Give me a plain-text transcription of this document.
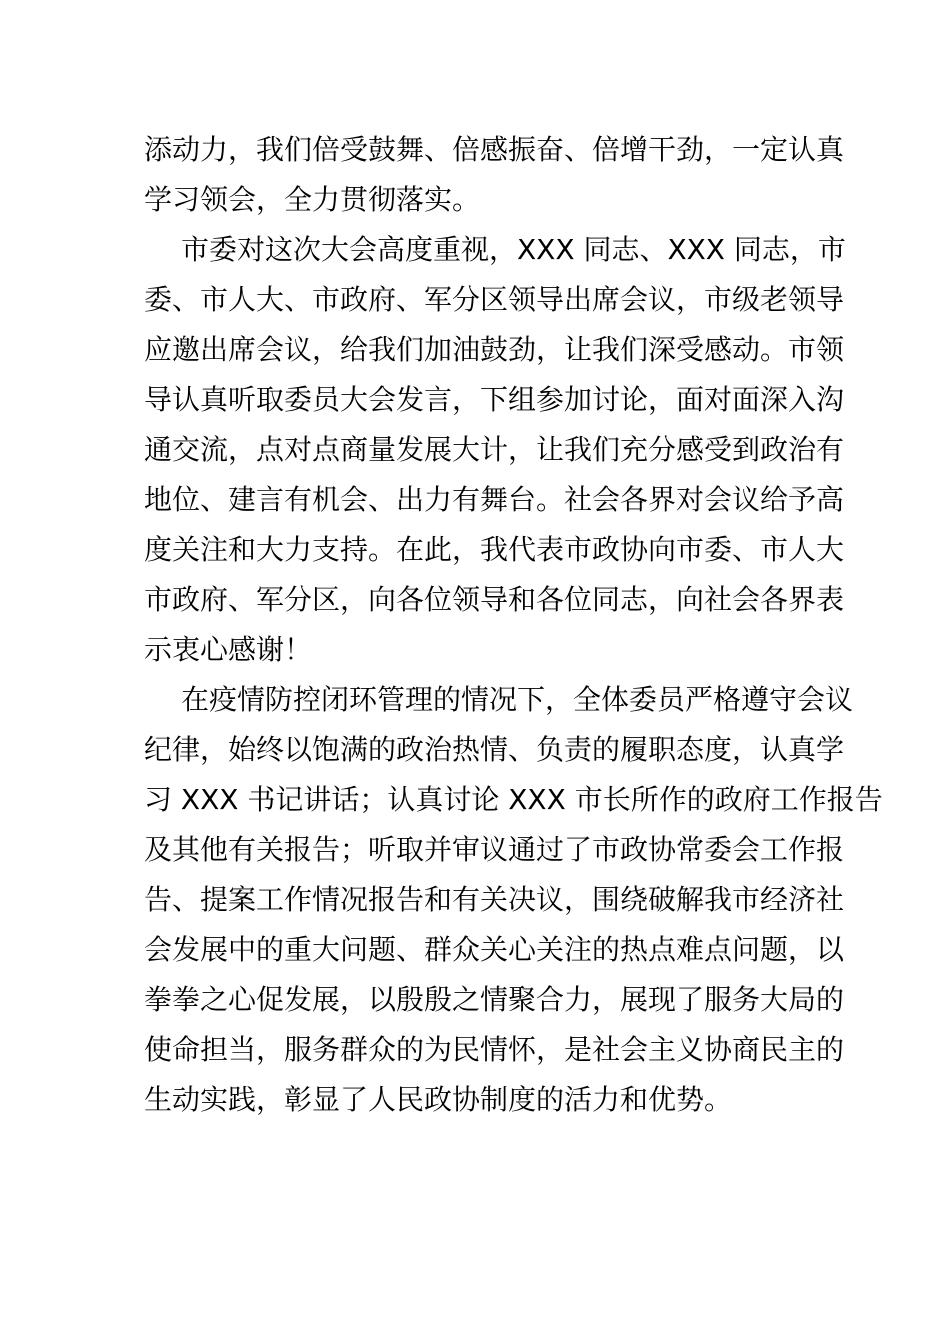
添动力，我们倍受鼓舞、倍感振奋、倍增干劲，一定认真
学习领会，全力贯彻落实。
市委对这次大会高度重视，XXX 同志、XXX 同志，市
委、市人大、市政府、军分区领导出席会议，市级老领导
应邀出席会议，给我们加油鼓劲，让我们深受感动。市领
导认真听取委员大会发言，下组参加讨论，面对面深入沟
通交流，点对点商量发展大计，让我们充分感受到政治有
地位、建言有机会、出力有舞台。社会各界对会议给予高
度关注和大力支持。在此，我代表市政协向市委、市人大
市政府、军分区，向各位领导和各位同志，向社会各界表
示衷心感谢！
在疫情防控闭环管理的情况下，全体委员严格遵守会议
纪律，始终以饱满的政治热情、负责的履职态度，认真学
习 XXX 书记讲话；认真讨论 XXX 市长所作的政府工作报告
及其他有关报告；听取并审议通过了市政协常委会工作报
告、提案工作情况报告和有关决议，围绕破解我市经济社
会发展中的重大问题、群众关心关注的热点难点问题，以
拳拳之心促发展，以殷殷之情聚合力，展现了服务大局的
使命担当，服务群众的为民情怀，是社会主义协商民主的
生动实践，彰显了人民政协制度的活力和优势。
